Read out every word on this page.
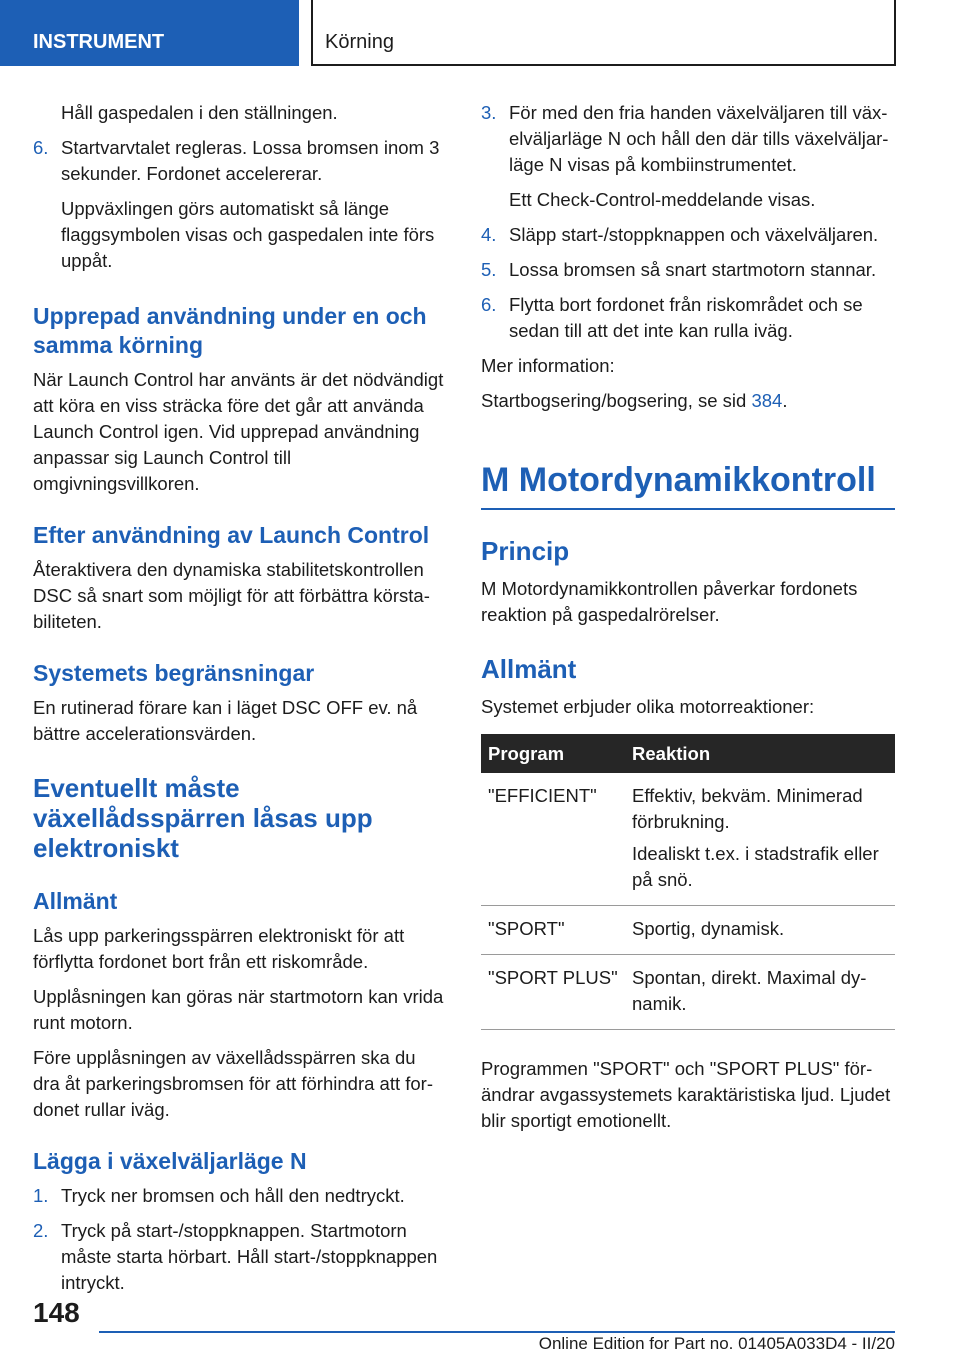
INSTRUMENT	Körning

Håll gaspedalen i den ställningen.

6. Startvarvtalet regleras. Lossa bromsen inom 3 sekunder. Fordonet accelererar.

Uppväxlingen görs automatiskt så länge flaggsymbolen visas och gaspedalen inte förs uppåt.

Upprepad användning under en och samma körning

När Launch Control har använts är det nödvändigt att köra en viss sträcka före det går att använda Launch Control igen. Vid upprepad användning anpassar sig Launch Control till omgivningsvillkoren.

Efter användning av Launch Control

Återaktivera den dynamiska stabilitetskontrollen DSC så snart som möjligt för att förbättra körstabiliteten.

Systemets begränsningar

En rutinerad förare kan i läget DSC OFF ev. nå bättre accelerationsvärden.

Eventuellt måste växellådsspärren låsas upp elektroniskt
Allmänt

Lås upp parkeringsspärren elektroniskt för att förflytta fordonet bort från ett riskområde.

Upplåsningen kan göras när startmotorn kan vrida runt motorn.

Före upplåsningen av växellådsspärren ska du dra åt parkeringsbromsen för att förhindra att fordonet rullar iväg.

Lägga i växelväljarläge N
1. Tryck ner bromsen och håll den nedtryckt.
2. Tryck på start-/stoppknappen. Startmotorn måste starta hörbart. Håll start-/stoppknappen intryckt.
3. För med den fria handen växelväljaren till växelväljarläge N och håll den där tills växelväljarläge N visas på kombiinstrumentet.

Ett Check-Control-meddelande visas.

4. Släpp start-/stoppknappen och växelväljaren.
5. Lossa bromsen så snart startmotorn stannar.
6. Flytta bort fordonet från riskområdet och se sedan till att det inte kan rulla iväg.

Mer information:

Startbogsering/bogsering, se sid 384.

M Motordynamikkontroll
Princip

M Motordynamikkontrollen påverkar fordonets reaktion på gaspedalrörelser.

Allmänt

Systemet erbjuder olika motorreaktioner:

Program	Reaktion
"EFFICIENT"	Effektiv, bekväm. Minimerad förbrukning.

Idealiskt t.ex. i stadstrafik eller på snö.

"SPORT"	Sportig, dynamisk.
"SPORT PLUS"	Spontan, direkt. Maximal dynamik.

Programmen "SPORT" och "SPORT PLUS" förändrar avgassystemets karaktäristiska ljud. Ljudet blir sportigt emotionellt.

148
Online Edition for Part no. 01405A033D4 - II/20
